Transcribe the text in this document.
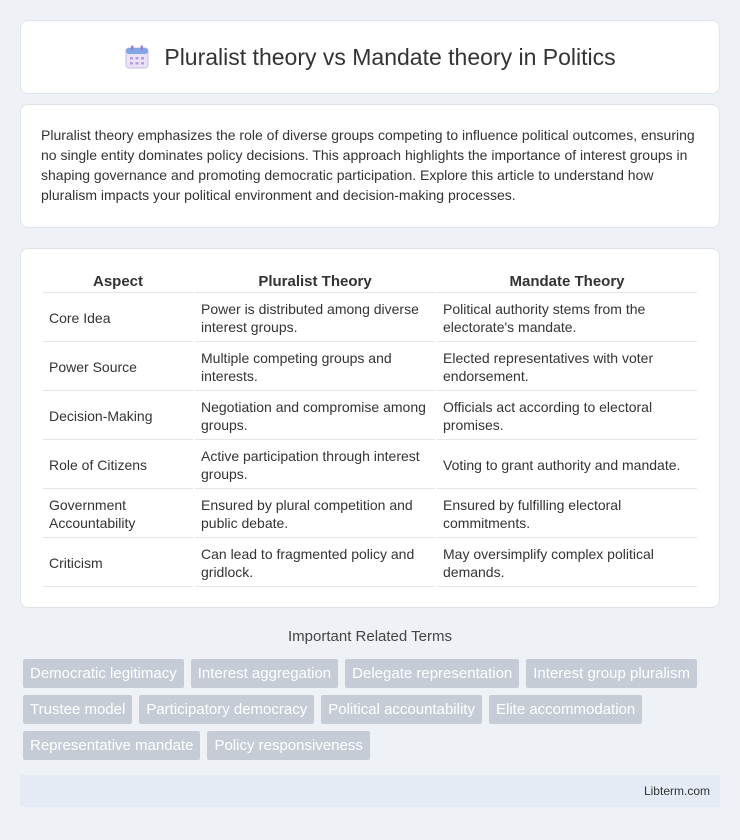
Pluralist theory vs Mandate theory in Politics

Pluralist theory emphasizes the role of diverse groups competing to influence political outcomes, ensuring no single entity dominates policy decisions. This approach highlights the importance of interest groups in shaping governance and promoting democratic participation. Explore this article to understand how pluralism impacts your political environment and decision-making processes.

Aspect	Pluralist Theory	Mandate Theory
Core Idea	Power is distributed among diverse interest groups.	Political authority stems from the electorate's mandate.
Power Source	Multiple competing groups and interests.	Elected representatives with voter endorsement.
Decision-Making	Negotiation and compromise among groups.	Officials act according to electoral promises.
Role of Citizens	Active participation through interest groups.	Voting to grant authority and mandate.
Government Accountability	Ensured by plural competition and public debate.	Ensured by fulfilling electoral commitments.
Criticism	Can lead to fragmented policy and gridlock.	May oversimplify complex political demands.
Important Related Terms
Democratic legitimacy	Interest aggregation	Delegate representation	Interest group pluralism
Trustee model	Participatory democracy	Political accountability	Elite accommodation
Representative mandate	Policy responsiveness
Libterm.com
